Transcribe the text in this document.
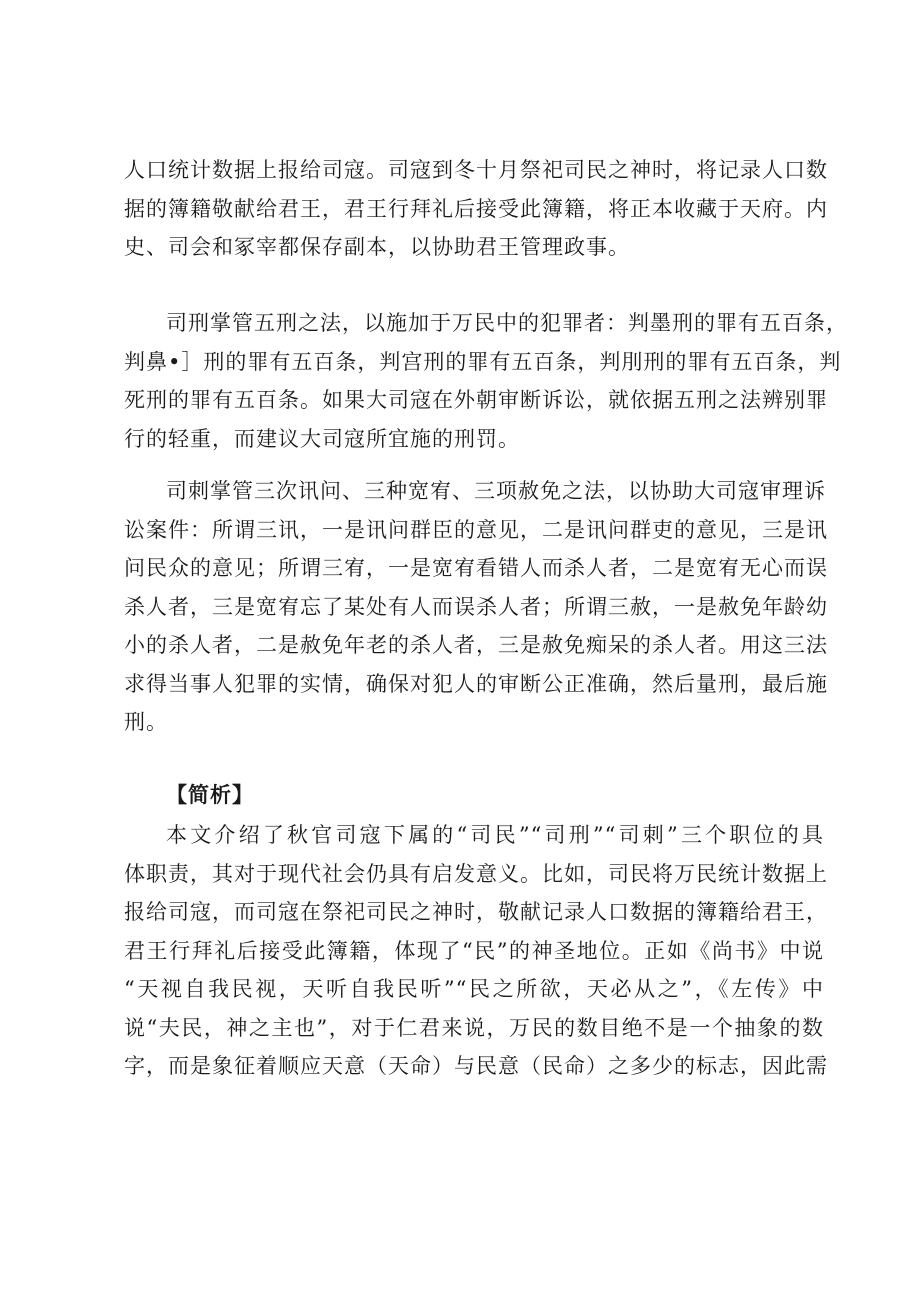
人口统计数据上报给司寇。司寇到冬十月祭祀司民之神时，将记录人口数
据的簿籍敬献给君王，君王行拜礼后接受此簿籍，将正本收藏于天府。内
史、司会和冢宰都保存副本，以协助君王管理政事。
司刑掌管五刑之法，以施加于万民中的犯罪者：判墨刑的罪有五百条，
判鼻•］刑的罪有五百条，判宫刑的罪有五百条，判刖刑的罪有五百条，判
死刑的罪有五百条。如果大司寇在外朝审断诉讼，就依据五刑之法辨别罪
行的轻重，而建议大司寇所宜施的刑罚。
司刺掌管三次讯问、三种宽宥、三项赦免之法，以协助大司寇审理诉
讼案件：所谓三讯，一是讯问群臣的意见，二是讯问群吏的意见，三是讯
问民众的意见；所谓三宥，一是宽宥看错人而杀人者，二是宽宥无心而误
杀人者，三是宽宥忘了某处有人而误杀人者；所谓三赦，一是赦免年龄幼
小的杀人者，二是赦免年老的杀人者，三是赦免痴呆的杀人者。用这三法
求得当事人犯罪的实情，确保对犯人的审断公正准确，然后量刑，最后施
刑。
【简析】
本文介绍了秋官司寇下属的“司民”“司刑”“司刺”三个职位的具
体职责，其对于现代社会仍具有启发意义。比如，司民将万民统计数据上
报给司寇，而司寇在祭祀司民之神时，敬献记录人口数据的簿籍给君王，
君王行拜礼后接受此簿籍，体现了“民”的神圣地位。正如《尚书》中说
“天视自我民视，天听自我民听”“民之所欲，天必从之”，《左传》中
说“夫民，神之主也”，对于仁君来说，万民的数目绝不是一个抽象的数
字，而是象征着顺应天意（天命）与民意（民命）之多少的标志，因此需
